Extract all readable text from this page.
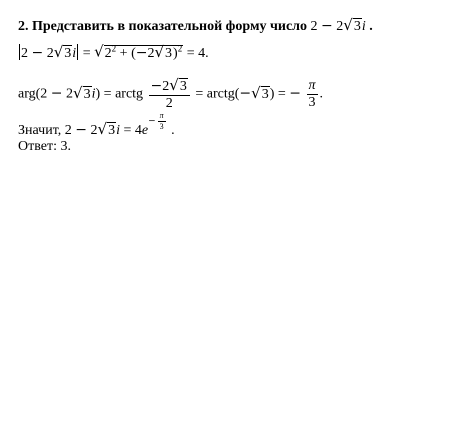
2. Представить в показательной форму число 2 − 2√3i .
$2 - 2√3i = √2^2 + (-2√3)^2 = 4$.
arg(2 − 2√3i) = arctg $\frac{-2√3}{2}$ = arctg(−√3) = − $\frac{\pi}{3}$ .
Значит, $2 - 2√3i = 4e- \frac{\pi}{3}$ .
Ответ: 3.
